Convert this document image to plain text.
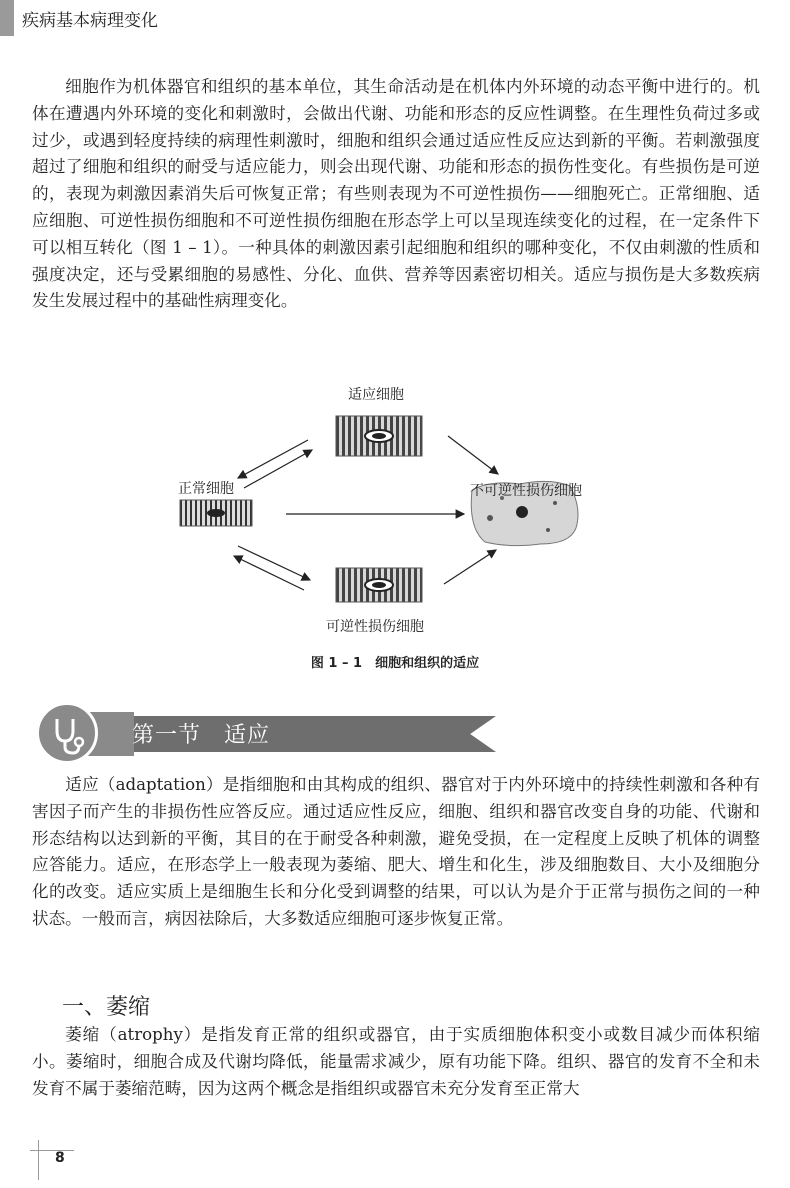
疾病基本病理变化

细胞作为机体器官和组织的基本单位，其生命活动是在机体内外环境的动态平衡中进行的。机体在遭遇内外环境的变化和刺激时，会做出代谢、功能和形态的反应性调整。在生理性负荷过多或过少，或遇到轻度持续的病理性刺激时，细胞和组织会通过适应性反应达到新的平衡。若刺激强度超过了细胞和组织的耐受与适应能力，则会出现代谢、功能和形态的损伤性变化。有些损伤是可逆的，表现为刺激因素消失后可恢复正常；有些则表现为不可逆性损伤——细胞死亡。正常细胞、适应细胞、可逆性损伤细胞和不可逆性损伤细胞在形态学上可以呈现连续变化的过程，在一定条件下可以相互转化（图 1 – 1）。一种具体的刺激因素引起细胞和组织的哪种变化，不仅由刺激的性质和强度决定，还与受累细胞的易感性、分化、血供、营养等因素密切相关。适应与损伤是大多数疾病发生发展过程中的基础性病理变化。

适应细胞
正常细胞	不可逆性损伤细胞
可逆性损伤细胞
图 1 – 1　细胞和组织的适应
第一节　适应

适应（adaptation）是指细胞和由其构成的组织、器官对于内外环境中的持续性刺激和各种有害因子而产生的非损伤性应答反应。通过适应性反应，细胞、组织和器官改变自身的功能、代谢和形态结构以达到新的平衡，其目的在于耐受各种刺激，避免受损，在一定程度上反映了机体的调整应答能力。适应，在形态学上一般表现为萎缩、肥大、增生和化生，涉及细胞数目、大小及细胞分化的改变。适应实质上是细胞生长和分化受到调整的结果，可以认为是介于正常与损伤之间的一种状态。一般而言，病因祛除后，大多数适应细胞可逐步恢复正常。

一、萎缩

萎缩（atrophy）是指发育正常的组织或器官，由于实质细胞体积变小或数目减少而体积缩小。萎缩时，细胞合成及代谢均降低，能量需求减少，原有功能下降。组织、器官的发育不全和未发育不属于萎缩范畴，因为这两个概念是指组织或器官未充分发育至正常大

8
